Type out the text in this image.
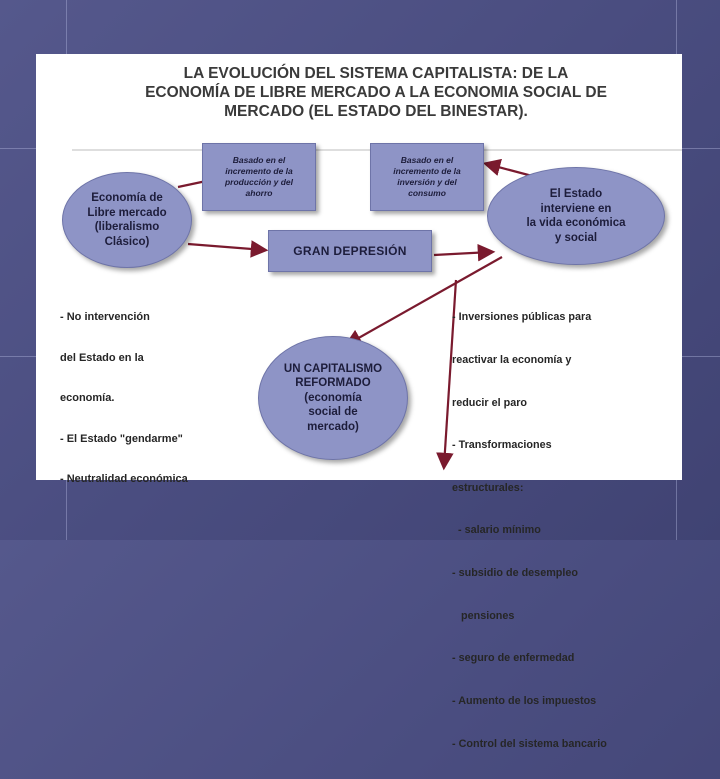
LA EVOLUCIÓN DEL SISTEMA CAPITALISTA: DE LA
ECONOMÍA DE LIBRE MERCADO A LA ECONOMIA SOCIAL DE
MERCADO (EL ESTADO DEL BINESTAR).
Basado en el
incremento de la
producción y del
ahorro
Basado en el
incremento de la
inversión y del
consumo
Economía de
Libre mercado
(liberalismo
Clásico)
El Estado
interviene en
la vida económica
y social
GRAN DEPRESIÓN

- No intervención

del Estado en la

economía.

- El Estado "gendarme"

- Neutralidad económica

UN CAPITALISMO
REFORMADO
(economía
social de
mercado)

- Inversiones públicas para

reactivar la economía y

reducir el paro

- Transformaciones

estructurales:

- salario mínimo

- subsidio de desempleo

pensiones

- seguro de enfermedad

- Aumento de los impuestos

- Control del sistema bancario
